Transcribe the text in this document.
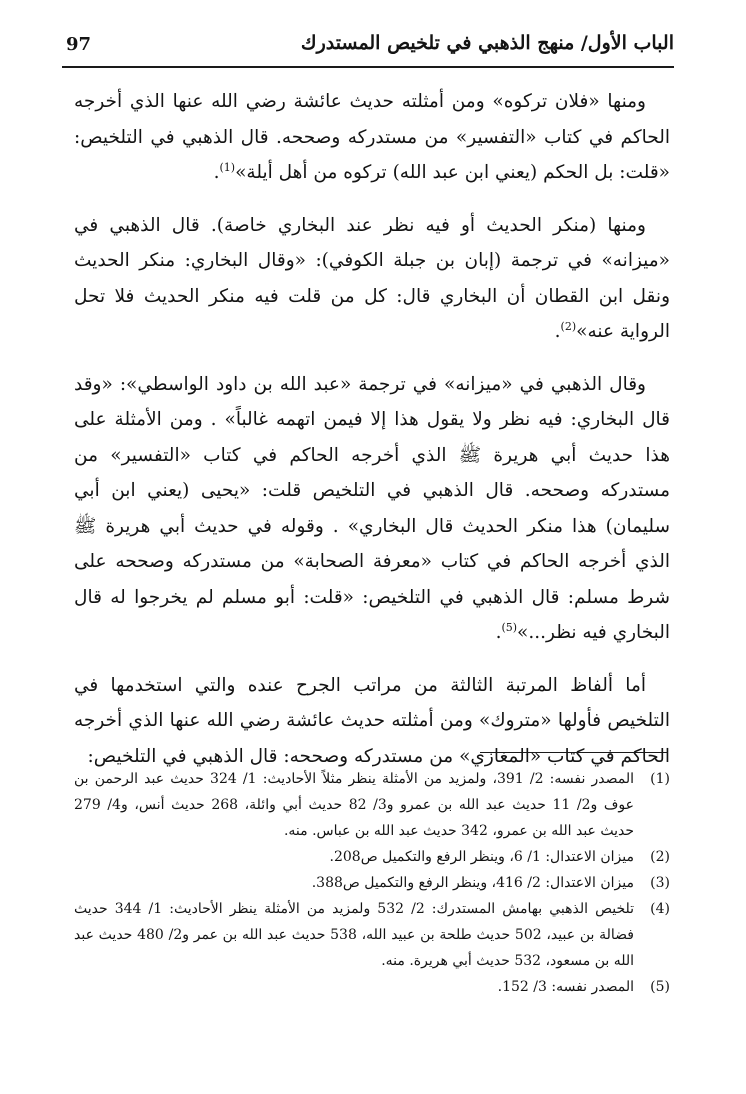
الباب الأول/ منهج الذهبي في تلخيص المستدرك
97

ومنها «فلان تركوه» ومن أمثلته حديث عائشة رضي الله عنها الذي أخرجه الحاكم في كتاب «التفسير» من مستدركه وصححه. قال الذهبي في التلخيص: «قلت: بل الحكم (يعني ابن عبد الله) تركوه من أهل أيلة»$^{(1)}$.

ومنها (منكر الحديث أو فيه نظر عند البخاري خاصة). قال الذهبي في «ميزانه» في ترجمة (إبان بن جبلة الكوفي): «وقال البخاري: منكر الحديث ونقل ابن القطان أن البخاري قال: كل من قلت فيه منكر الحديث فلا تحل الرواية عنه»$^{(2)}$.

وقال الذهبي في «ميزانه» في ترجمة «عبد الله بن داود الواسطي»: «وقد قال البخاري: فيه نظر ولا يقول هذا إلا فيمن اتهمه غالباً» . ومن الأمثلة على هذا حديث أبي هريرة ﷺ الذي أخرجه الحاكم في كتاب «التفسير» من مستدركه وصححه. قال الذهبي في التلخيص قلت: «يحيى (يعني ابن أبي سليمان) هذا منكر الحديث قال البخاري» . وقوله في حديث أبي هريرة ﷺ الذي أخرجه الحاكم في كتاب «معرفة الصحابة» من مستدركه وصححه على شرط مسلم: قال الذهبي في التلخيص: «قلت: أبو مسلم لم يخرجوا له قال البخاري فيه نظر...»$^{(5)}$.

أما ألفاظ المرتبة الثالثة من مراتب الجرح عنده والتي استخدمها في التلخيص فأولها «متروك» ومن أمثلته حديث عائشة رضي الله عنها الذي أخرجه الحاكم في كتاب «المغازي» من مستدركه وصححه: قال الذهبي في التلخيص:

(1)
المصدر نفسه: 2/ 391، ولمزيد من الأمثلة ينظر مثلاً الأحاديث: 1/ 324 حديث عبد الرحمن بن عوف و2/ 11 حديث عبد الله بن عمرو و3/ 82 حديث أبي وائلة، 268 حديث أنس، و4/ 279 حديث عبد الله بن عمرو، 342 حديث عبد الله بن عباس. منه.
(2)
ميزان الاعتدال: 1/ 6، وينظر الرفع والتكميل ص208.
(3)
ميزان الاعتدال: 2/ 416، وينظر الرفع والتكميل ص388.
(4)
تلخيص الذهبي بهامش المستدرك: 2/ 532 ولمزيد من الأمثلة ينظر الأحاديث: 1/ 344 حديث فضالة بن عبيد، 502 حديث طلحة بن عبيد الله، 538 حديث عبد الله بن عمر و2/ 480 حديث عبد الله بن مسعود، 532 حديث أبي هريرة. منه.
(5)
المصدر نفسه: 3/ 152.
